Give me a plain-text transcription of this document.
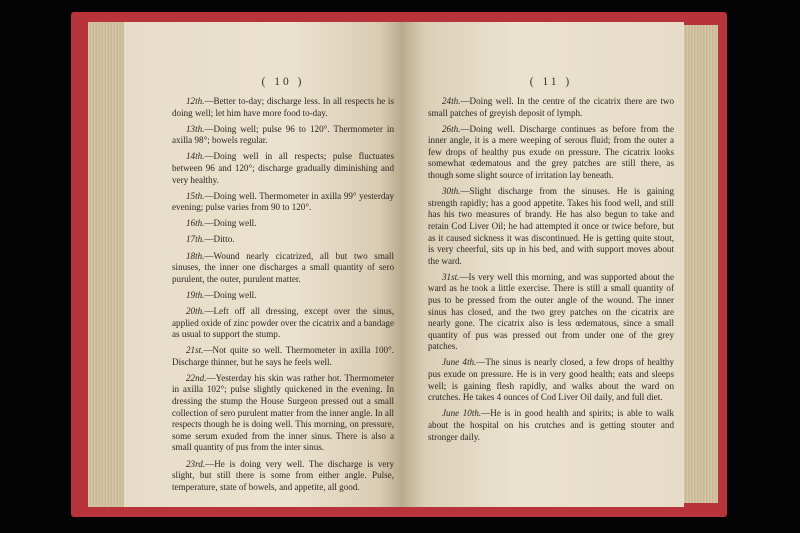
( 10 )

12th.—Better to-day; discharge less. In all respects he is doing well; let him have more food to-day.

13th.—Doing well; pulse 96 to 120°. Thermometer in axilla 98°; bowels regular.

14th.—Doing well in all respects; pulse fluctuates between 96 and 120°; discharge gradually diminishing and very healthy.

15th.—Doing well. Thermometer in axilla 99° yesterday evening; pulse varies from 90 to 120°.

16th.—Doing well.

17th.—Ditto.

18th.—Wound nearly cicatrized, all but two small sinuses, the inner one discharges a small quantity of sero purulent, the outer, purulent matter.

19th.—Doing well.

20th.—Left off all dressing, except over the sinus, applied oxide of zinc powder over the cicatrix and a bandage as usual to support the stump.

21st.—Not quite so well. Thermometer in axilla 100°. Discharge thinner, but he says he feels well.

22nd.—Yesterday his skin was rather hot. Thermometer in axilla 102°; pulse slightly quickened in the evening. In dressing the stump the House Surgeon pressed out a small collection of sero purulent matter from the inner angle. In all respects though he is doing well. This morning, on pressure, some serum exuded from the inner sinus. There is also a small quantity of pus from the inter sinus.

23rd.—He is doing very well. The discharge is very slight, but still there is some from either angle. Pulse, temperature, state of bowels, and appetite, all good.

( 11 )

24th.—Doing well. In the centre of the cicatrix there are two small patches of greyish deposit of lymph.

26th.—Doing well. Discharge continues as before from the inner angle, it is a mere weeping of serous fluid; from the outer a few drops of healthy pus exude on pressure. The cicatrix looks somewhat œdematous and the grey patches are still there, as though some slight source of irritation lay beneath.

30th.—Slight discharge from the sinuses. He is gaining strength rapidly; has a good appetite. Takes his food well, and still has his two measures of brandy. He has also begun to take and retain Cod Liver Oil; he had attempted it once or twice before, but as it caused sickness it was discontinued. He is getting quite stout, is very cheerful, sits up in his bed, and with support moves about the ward.

31st.—Is very well this morning, and was supported about the ward as he took a little exercise. There is still a small quantity of pus to be pressed from the outer angle of the wound. The inner sinus has closed, and the two grey patches on the cicatrix are nearly gone. The cicatrix also is less œdematous, since a small quantity of pus was pressed out from under one of the grey patches.

June 4th.—The sinus is nearly closed, a few drops of healthy pus exude on pressure. He is in very good health; eats and sleeps well; is gaining flesh rapidly, and walks about the ward on crutches. He takes 4 ounces of Cod Liver Oil daily, and full diet.

June 10th.—He is in good health and spirits; is able to walk about the hospital on his crutches and is getting stouter and stronger daily.
